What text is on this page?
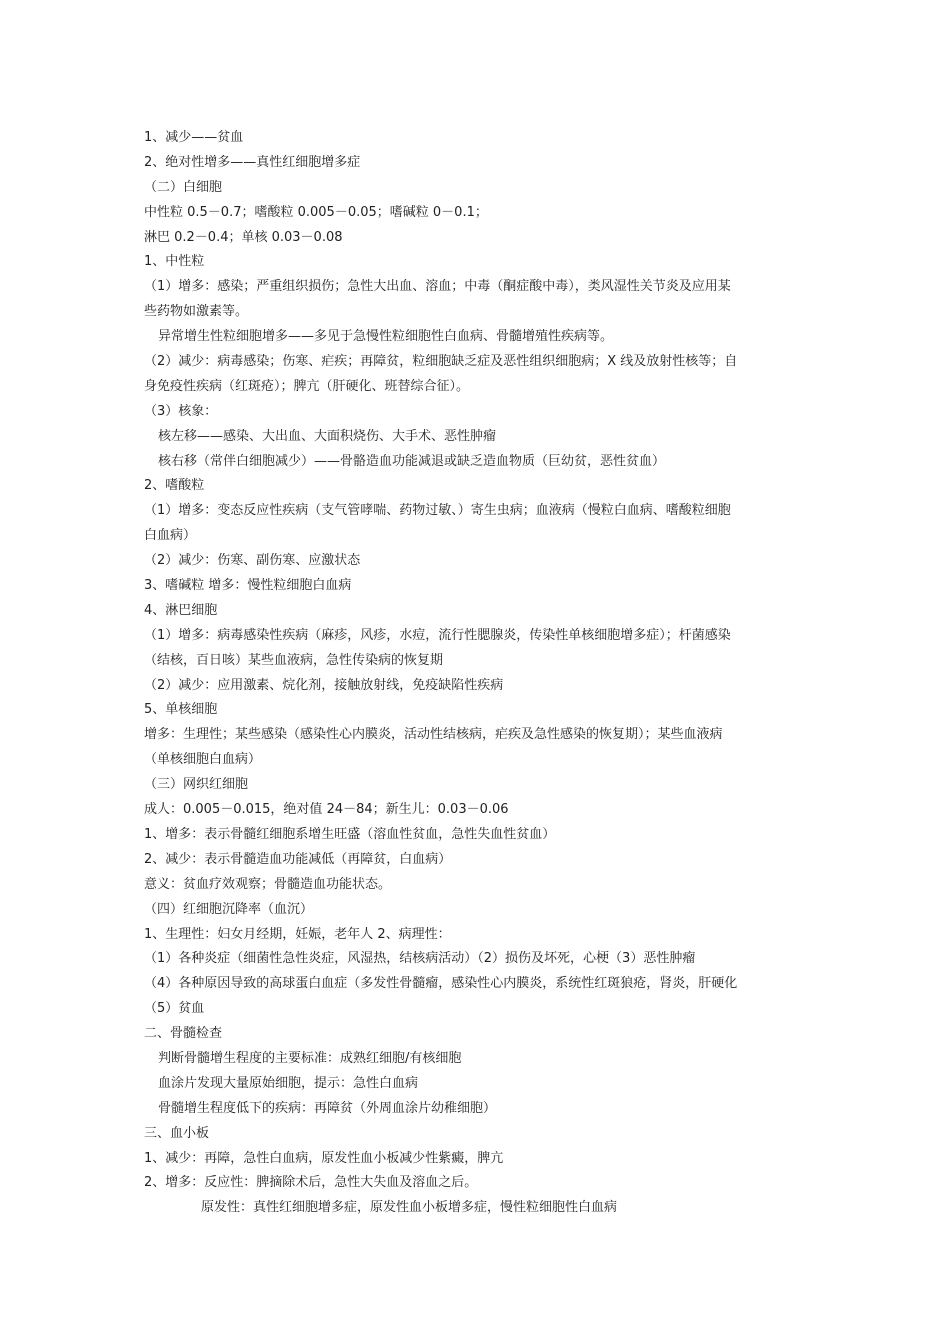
1、减少——贫血
2、绝对性增多——真性红细胞增多症
（二）白细胞
中性粒 0.5－0.7；嗜酸粒 0.005－0.05；嗜碱粒 0－0.1；
淋巴 0.2－0.4；单核 0.03－0.08
1、中性粒
（1）增多：感染；严重组织损伤；急性大出血、溶血；中毒（酮症酸中毒），类风湿性关节炎及应用某
些药物如激素等。
异常增生性粒细胞增多——多见于急慢性粒细胞性白血病、骨髓增殖性疾病等。
（2）减少：病毒感染；伤寒、疟疾；再障贫，粒细胞缺乏症及恶性组织细胞病；X 线及放射性核等；自
身免疫性疾病（红斑疮）；脾亢（肝硬化、班替综合征）。
（3）核象：
核左移——感染、大出血、大面积烧伤、大手术、恶性肿瘤
核右移（常伴白细胞减少）——骨骼造血功能减退或缺乏造血物质（巨幼贫，恶性贫血）
2、嗜酸粒
（1）增多：变态反应性疾病（支气管哮喘、药物过敏、）寄生虫病；血液病（慢粒白血病、嗜酸粒细胞
白血病）
（2）减少：伤寒、副伤寒、应激状态
3、嗜碱粒 增多：慢性粒细胞白血病
4、淋巴细胞
（1）增多：病毒感染性疾病（麻疹，风疹，水痘，流行性腮腺炎，传染性单核细胞增多症）；杆菌感染
（结核，百日咳）某些血液病，急性传染病的恢复期
（2）减少：应用激素、烷化剂，接触放射线，免疫缺陷性疾病
5、单核细胞
增多：生理性；某些感染（感染性心内膜炎，活动性结核病，疟疾及急性感染的恢复期）；某些血液病
（单核细胞白血病）
（三）网织红细胞
成人：0.005－0.015，绝对值 24－84；新生儿：0.03－0.06
1、增多：表示骨髓红细胞系增生旺盛（溶血性贫血，急性失血性贫血）
2、减少：表示骨髓造血功能减低（再障贫，白血病）
意义：贫血疗效观察；骨髓造血功能状态。
（四）红细胞沉降率（血沉）
1、生理性：妇女月经期，妊娠，老年人 2、病理性：
（1）各种炎症（细菌性急性炎症，风湿热，结核病活动）（2）损伤及坏死，心梗（3）恶性肿瘤
（4）各种原因导致的高球蛋白血症（多发性骨髓瘤，感染性心内膜炎，系统性红斑狼疮，肾炎，肝硬化
（5）贫血
二、骨髓检查
判断骨髓增生程度的主要标准：成熟红细胞/有核细胞
血涂片发现大量原始细胞，提示：急性白血病
骨髓增生程度低下的疾病：再障贫（外周血涂片幼稚细胞）
三、血小板
1、减少：再障，急性白血病，原发性血小板减少性紫癜，脾亢
2、增多：反应性：脾摘除术后，急性大失血及溶血之后。
原发性：真性红细胞增多症，原发性血小板增多症，慢性粒细胞性白血病
